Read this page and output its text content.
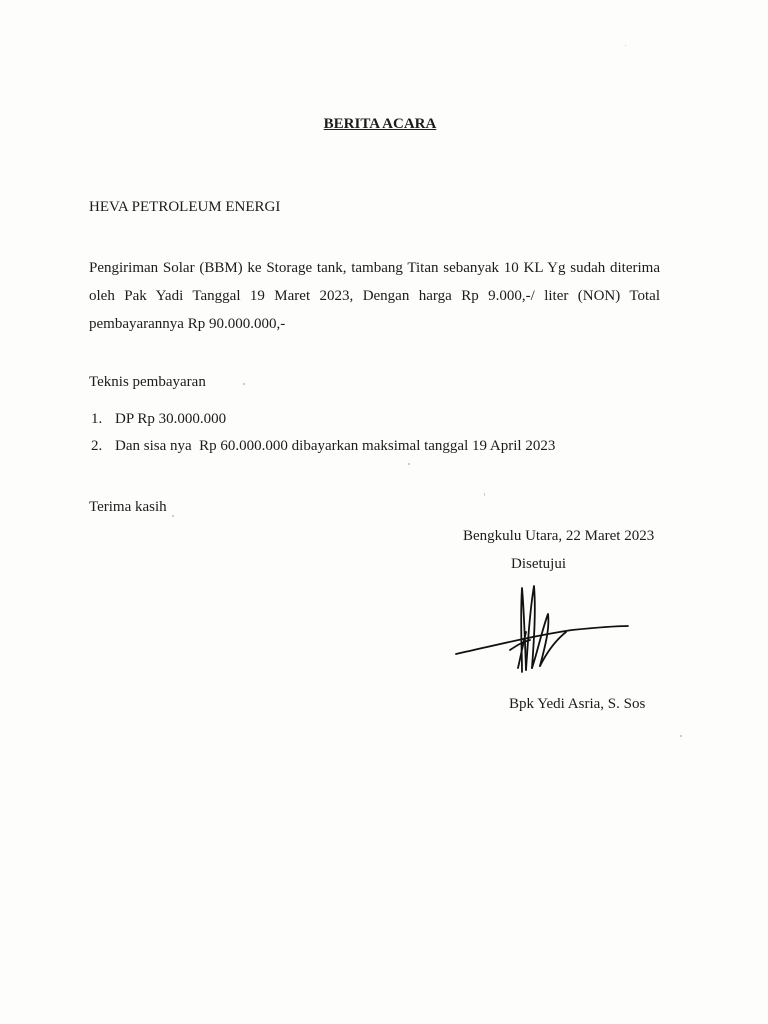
BERITA ACARA
HEVA PETROLEUM ENERGI
Pengiriman Solar (BBM) ke Storage tank, tambang Titan sebanyak 10 KL Yg sudah diterima
oleh Pak Yadi Tanggal 19 Maret 2023, Dengan harga Rp 9.000,-/ liter (NON) Total
pembayarannya Rp 90.000.000,-
Teknis pembayaran
1. DP Rp 30.000.000
2. Dan sisa nya  Rp 60.000.000 dibayarkan maksimal tanggal 19 April 2023
Terima kasih
Bengkulu Utara, 22 Maret 2023
Disetujui
Bpk Yedi Asria, S. Sos
